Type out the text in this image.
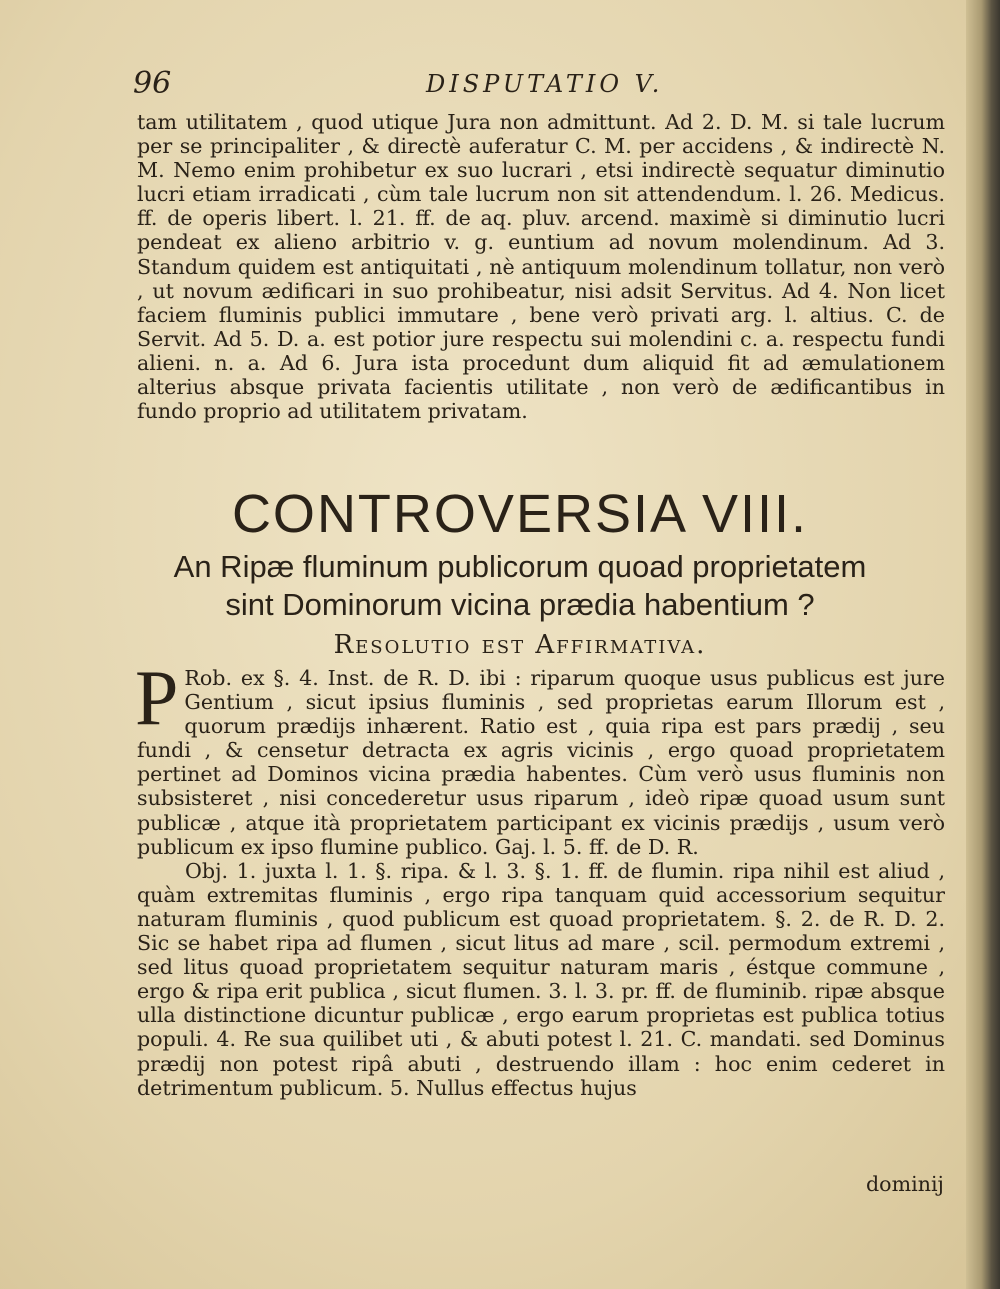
96	DISPUTATIO V.
tam utilitatem , quod utique Jura non admittunt. Ad 2. D. M. si tale lucrum per se principaliter , & directè auferatur C. M. per accidens , & indirectè N. M. Nemo enim prohibetur ex suo lucrari , etsi indirectè sequatur diminutio lucri etiam irradicati , cùm tale lucrum non sit attendendum. l. 26. Medicus. ff. de operis libert. l. 21. ff. de aq. pluv. arcend. maximè si diminutio lucri pendeat ex alieno arbitrio v. g. euntium ad novum molendinum. Ad 3. Standum quidem est antiquitati , nè antiquum molendinum tollatur, non verò , ut novum ædificari in suo prohibeatur, nisi adsit Servitus. Ad 4. Non licet faciem fluminis publici immutare , bene verò privati arg. l. altius. C. de Servit. Ad 5. D. a. est potior jure respectu sui molendini c. a. respectu fundi alieni. n. a. Ad 6. Jura ista procedunt dum aliquid fit ad æmulationem alterius absque privata facientis utilitate , non verò de ædificantibus in fundo proprio ad utilitatem privatam.
CONTROVERSIA VIII.
An Ripæ fluminum publicorum quoad proprietatem
sint Dominorum vicina prædia habentium ?
Resolutio est Affirmativa.

P Rob. ex §. 4. Inst. de R. D. ibi : riparum quoque usus publicus est jure Gentium , sicut ipsius fluminis , sed proprietas earum Illorum est , quorum prædijs inhærent. Ratio est , quia ripa est pars prædij , seu fundi , & censetur detracta ex agris vicinis , ergo quoad proprietatem pertinet ad Dominos vicina prædia habentes. Cùm verò usus fluminis non subsisteret , nisi concederetur usus riparum , ideò ripæ quoad usum sunt publicæ , atque ità proprietatem participant ex vicinis prædijs , usum verò publicum ex ipso flumine publico. Gaj. l. 5. ff. de D. R.

Obj. 1. juxta l. 1. §. ripa. & l. 3. §. 1. ff. de flumin. ripa nihil est aliud , quàm extremitas fluminis , ergo ripa tanquam quid accessorium sequitur naturam fluminis , quod publicum est quoad proprietatem. §. 2. de R. D. 2. Sic se habet ripa ad flumen , sicut litus ad mare , scil. permodum extremi , sed litus quoad proprietatem sequitur naturam maris , éstque commune , ergo & ripa erit publica , sicut flumen. 3. l. 3. pr. ff. de fluminib. ripæ absque ulla distinctione dicuntur publicæ , ergo earum proprietas est publica totius populi. 4. Re sua quilibet uti , & abuti potest l. 21. C. mandati. sed Dominus prædij non potest ripâ abuti , destruendo illam : hoc enim cederet in detrimentum publicum. 5. Nullus effectus hujus

dominij
